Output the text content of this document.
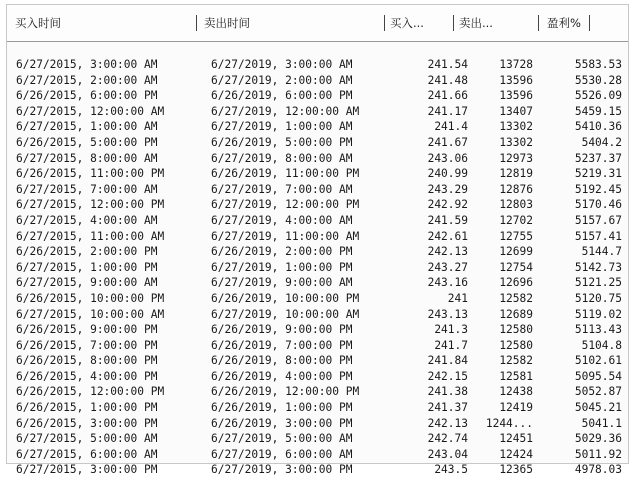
买入时间	卖出时间	买入...	卖出...	盈利%
6/27/2015, 3:00:00 AM	6/27/2019, 3:00:00 AM	241.54	13728	5583.53
6/27/2015, 2:00:00 AM	6/27/2019, 2:00:00 AM	241.48	13596	5530.28
6/26/2015, 6:00:00 PM	6/26/2019, 6:00:00 PM	241.66	13596	5526.09
6/27/2015, 12:00:00 AM	6/27/2019, 12:00:00 AM	241.17	13407	5459.15
6/27/2015, 1:00:00 AM	6/27/2019, 1:00:00 AM	241.4	13302	5410.36
6/26/2015, 5:00:00 PM	6/26/2019, 5:00:00 PM	241.67	13302	5404.2
6/27/2015, 8:00:00 AM	6/27/2019, 8:00:00 AM	243.06	12973	5237.37
6/26/2015, 11:00:00 PM	6/26/2019, 11:00:00 PM	240.99	12819	5219.31
6/27/2015, 7:00:00 AM	6/27/2019, 7:00:00 AM	243.29	12876	5192.45
6/27/2015, 12:00:00 PM	6/27/2019, 12:00:00 PM	242.92	12803	5170.46
6/27/2015, 4:00:00 AM	6/27/2019, 4:00:00 AM	241.59	12702	5157.67
6/27/2015, 11:00:00 AM	6/27/2019, 11:00:00 AM	242.61	12755	5157.41
6/26/2015, 2:00:00 PM	6/26/2019, 2:00:00 PM	242.13	12699	5144.7
6/27/2015, 1:00:00 PM	6/27/2019, 1:00:00 PM	243.27	12754	5142.73
6/27/2015, 9:00:00 AM	6/27/2019, 9:00:00 AM	243.16	12696	5121.25
6/26/2015, 10:00:00 PM	6/26/2019, 10:00:00 PM	241	12582	5120.75
6/27/2015, 10:00:00 AM	6/27/2019, 10:00:00 AM	243.13	12689	5119.02
6/26/2015, 9:00:00 PM	6/26/2019, 9:00:00 PM	241.3	12580	5113.43
6/26/2015, 7:00:00 PM	6/26/2019, 7:00:00 PM	241.7	12580	5104.8
6/26/2015, 8:00:00 PM	6/26/2019, 8:00:00 PM	241.84	12582	5102.61
6/26/2015, 4:00:00 PM	6/26/2019, 4:00:00 PM	242.15	12581	5095.54
6/26/2015, 12:00:00 PM	6/26/2019, 12:00:00 PM	241.38	12438	5052.87
6/26/2015, 1:00:00 PM	6/26/2019, 1:00:00 PM	241.37	12419	5045.21
6/26/2015, 3:00:00 PM	6/26/2019, 3:00:00 PM	242.13	1244...	5041.1
6/27/2015, 5:00:00 AM	6/27/2019, 5:00:00 AM	242.74	12451	5029.36
6/27/2015, 6:00:00 AM	6/27/2019, 6:00:00 AM	243.04	12424	5011.92
6/27/2015, 3:00:00 PM	6/27/2019, 3:00:00 PM	243.5	12365	4978.03
